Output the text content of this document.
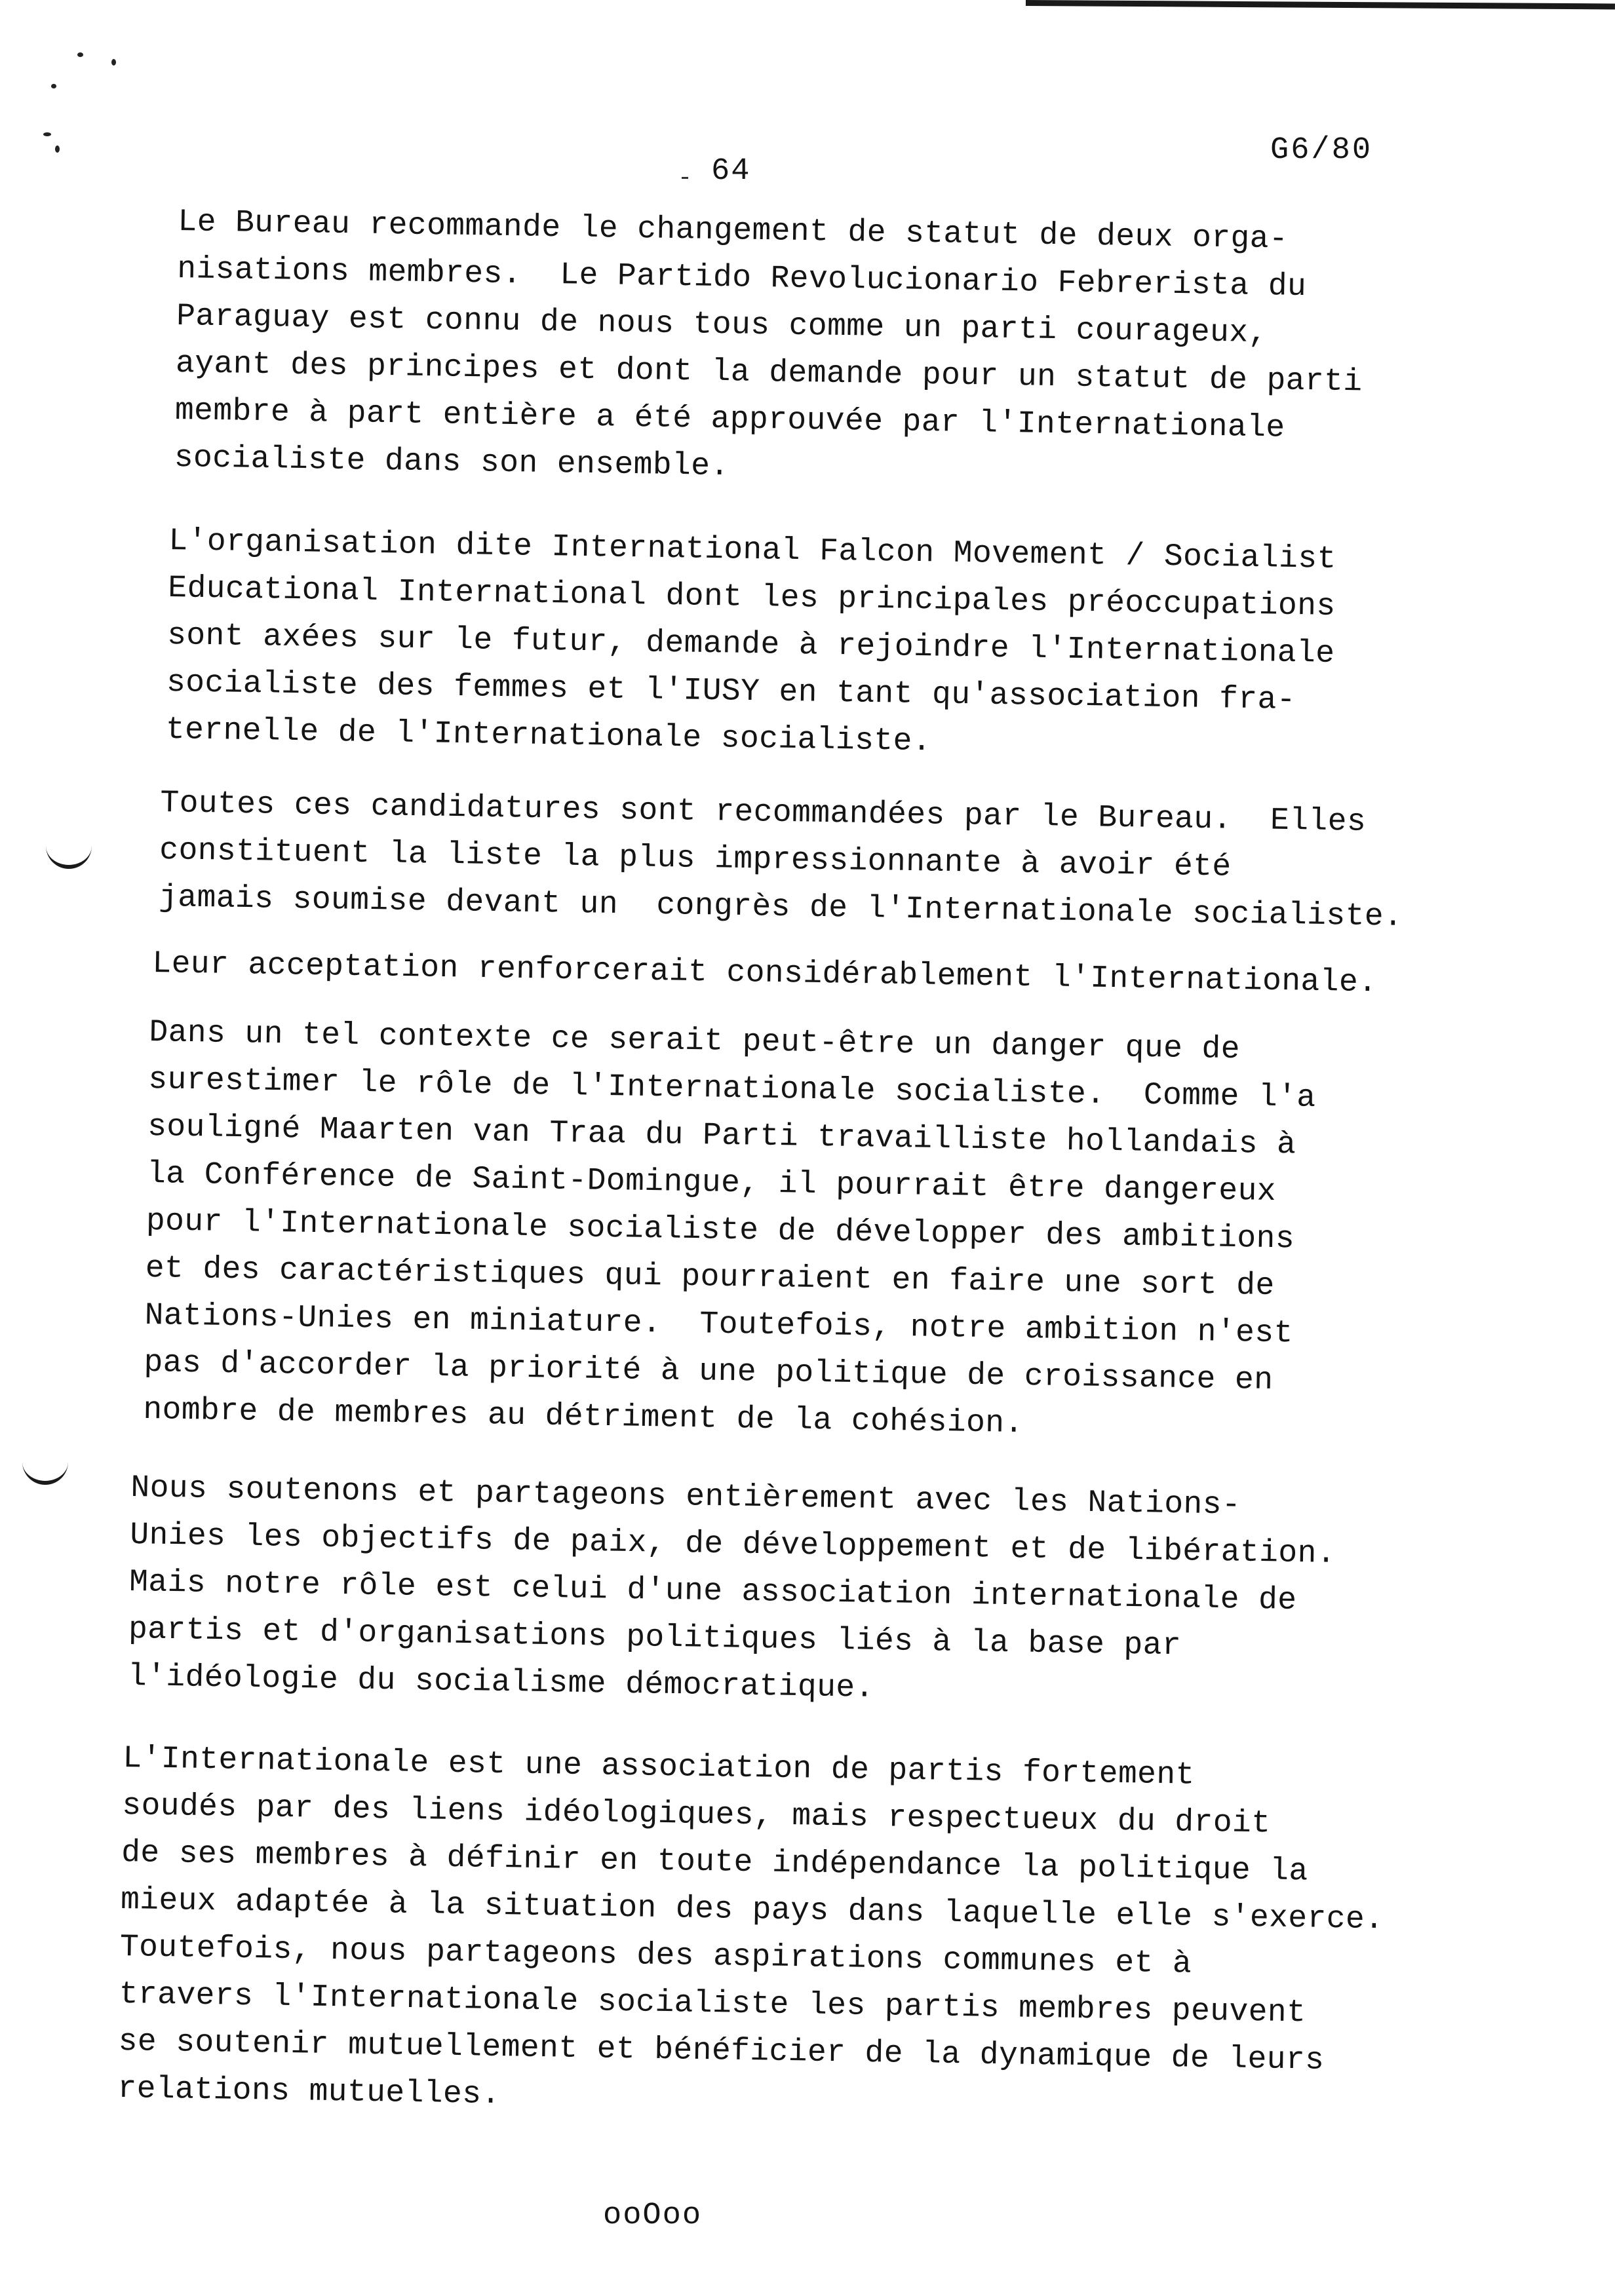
64
G6/80
Le Bureau recommande le changement de statut de deux orga-
nisations membres.  Le Partido Revolucionario Febrerista du
Paraguay est connu de nous tous comme un parti courageux,
ayant des principes et dont la demande pour un statut de parti
membre à part entière a été approuvée par l'Internationale
socialiste dans son ensemble.
L'organisation dite International Falcon Movement / Socialist
Educational International dont les principales préoccupations
sont axées sur le futur, demande à rejoindre l'Internationale
socialiste des femmes et l'IUSY en tant qu'association fra-
ternelle de l'Internationale socialiste.
Toutes ces candidatures sont recommandées par le Bureau.  Elles
constituent la liste la plus impressionnante à avoir été
jamais soumise devant un  congrès de l'Internationale socialiste.
Leur acceptation renforcerait considérablement l'Internationale.
Dans un tel contexte ce serait peut-être un danger que de
surestimer le rôle de l'Internationale socialiste.  Comme l'a
souligné Maarten van Traa du Parti travailliste hollandais à
la Conférence de Saint-Domingue, il pourrait être dangereux
pour l'Internationale socialiste de développer des ambitions
et des caractéristiques qui pourraient en faire une sort de
Nations-Unies en miniature.  Toutefois, notre ambition n'est
pas d'accorder la priorité à une politique de croissance en
nombre de membres au détriment de la cohésion.
Nous soutenons et partageons entièrement avec les Nations-
Unies les objectifs de paix, de développement et de libération.
Mais notre rôle est celui d'une association internationale de
partis et d'organisations politiques liés à la base par
l'idéologie du socialisme démocratique.
L'Internationale est une association de partis fortement
soudés par des liens idéologiques, mais respectueux du droit
de ses membres à définir en toute indépendance la politique la
mieux adaptée à la situation des pays dans laquelle elle s'exerce.
Toutefois, nous partageons des aspirations communes et à
travers l'Internationale socialiste les partis membres peuvent
se soutenir mutuellement et bénéficier de la dynamique de leurs
relations mutuelles.
ooOoo
